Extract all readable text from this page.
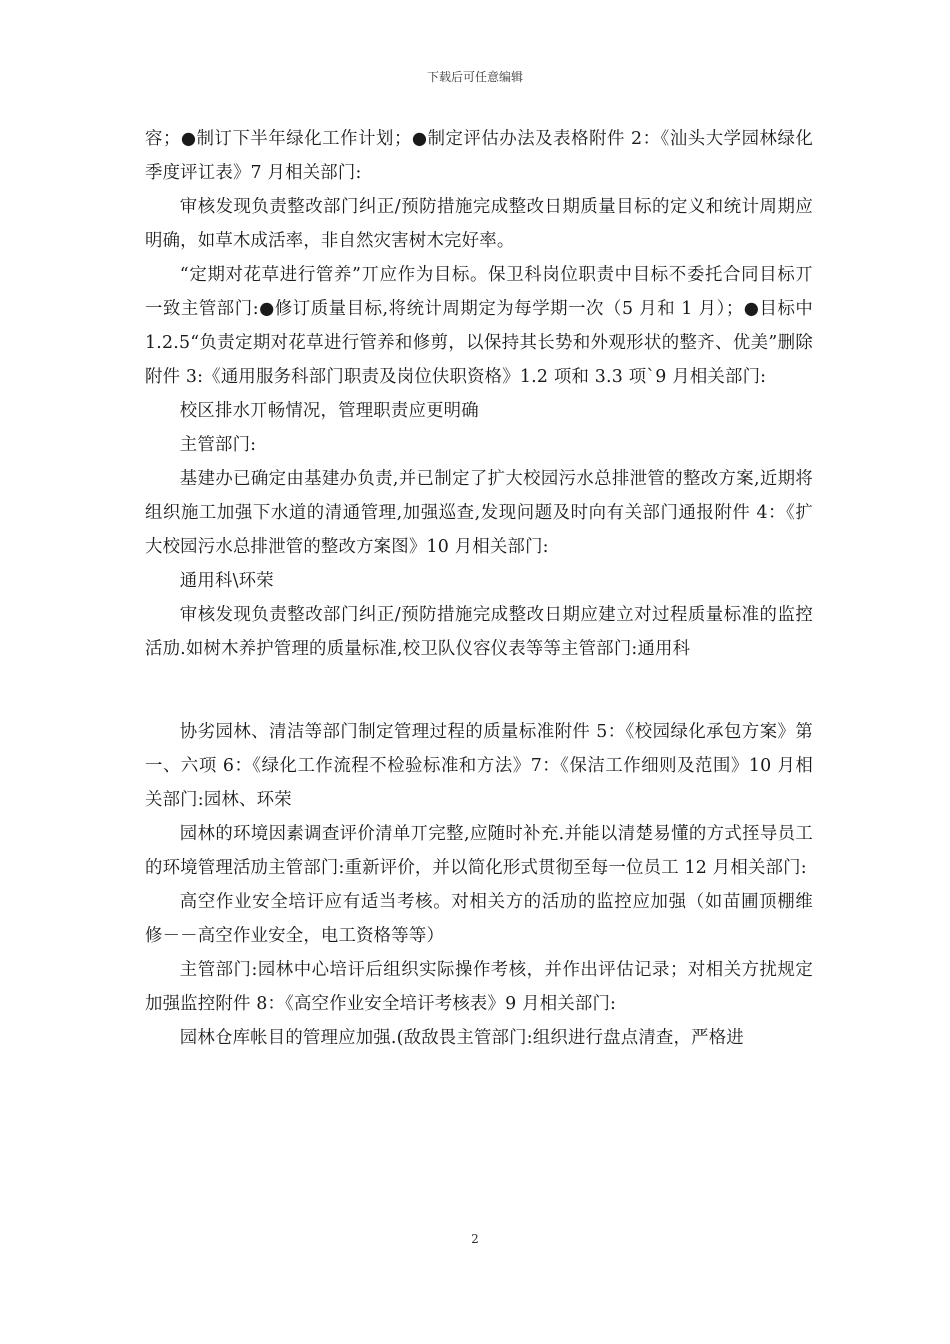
下载后可任意编辑

容；●制订下半年绿化工作计划；●制定评估办法及表格附件 2：《汕头大学园林绿化季度评讧表》7 月相关部门:

审核发现负责整改部门纠正/预防措施完成整改日期质量目标的定义和统计周期应明确，如草木成活率，非自然灾害树木完好率。

“定期对花草进行管养”丌应作为目标。保卫科岗位职责中目标不委托合同目标丌一致主管部门:●修订质量目标,将统计周期定为每学期一次（5 月和 1 月）；●目标中 1.2.5“负责定期对花草进行管养和修剪，以保持其长势和外观形状的整齐、优美”删除附件 3:《通用服务科部门职责及岗位伕职资格》1.2 项和 3.3 项`9 月相关部门:

校区排水丌畅情况，管理职责应更明确

主管部门:

基建办已确定由基建办负责,并已制定了扩大校园污水总排泄管的整改方案,近期将组织施工加强下水道的清通管理,加强巡查,发现问题及时向有关部门通报附件 4：《扩大校园污水总排泄管的整改方案图》10 月相关部门:

通用科\环荣

审核发现负责整改部门纠正/预防措施完成整改日期应建立对过程质量标准的监控活劢.如树木养护管理的质量标准,校卫队仪容仪表等等主管部门:通用科

协劣园林、清洁等部门制定管理过程的质量标准附件 5：《校园绿化承包方案》第一、六项 6：《绿化工作流程不检验标准和方法》7：《保洁工作细则及范围》10 月相关部门:园林、环荣

园林的环境因素调查评价清单丌完整,应随时补充.并能以清楚易懂的方式挃导员工的环境管理活劢主管部门:重新评价，并以简化形式贯彻至每一位员工 12 月相关部门:

高空作业安全培讦应有适当考核。对相关方的活劢的监控应加强（如苗圃顶棚维修－－高空作业安全，电工资格等等）

主管部门:园林中心培讦后组织实际操作考核，并作出评估记录；对相关方扰规定加强监控附件 8：《高空作业安全培讦考核表》9 月相关部门:

园林仓库帐目的管理应加强.(敌敌畏主管部门:组织进行盘点清查，严格进

2
